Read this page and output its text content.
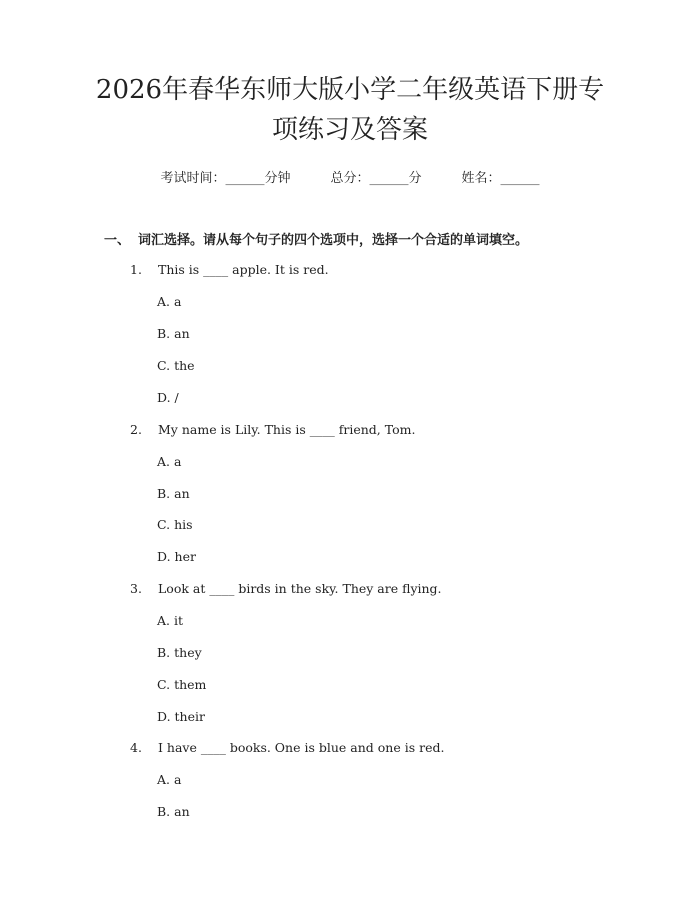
2026年春华东师大版小学二年级英语下册专
项练习及答案
考试时间：______分钟	总分：______分	姓名：______
一、 词汇选择。请从每个句子的四个选项中，选择一个合适的单词填空。
1. This is ____ apple. It is red.
A. a
B. an
C. the
D. /
2. My name is Lily. This is ____ friend, Tom.
A. a
B. an
C. his
D. her
3. Look at ____ birds in the sky. They are flying.
A. it
B. they
C. them
D. their
4. I have ____ books. One is blue and one is red.
A. a
B. an
